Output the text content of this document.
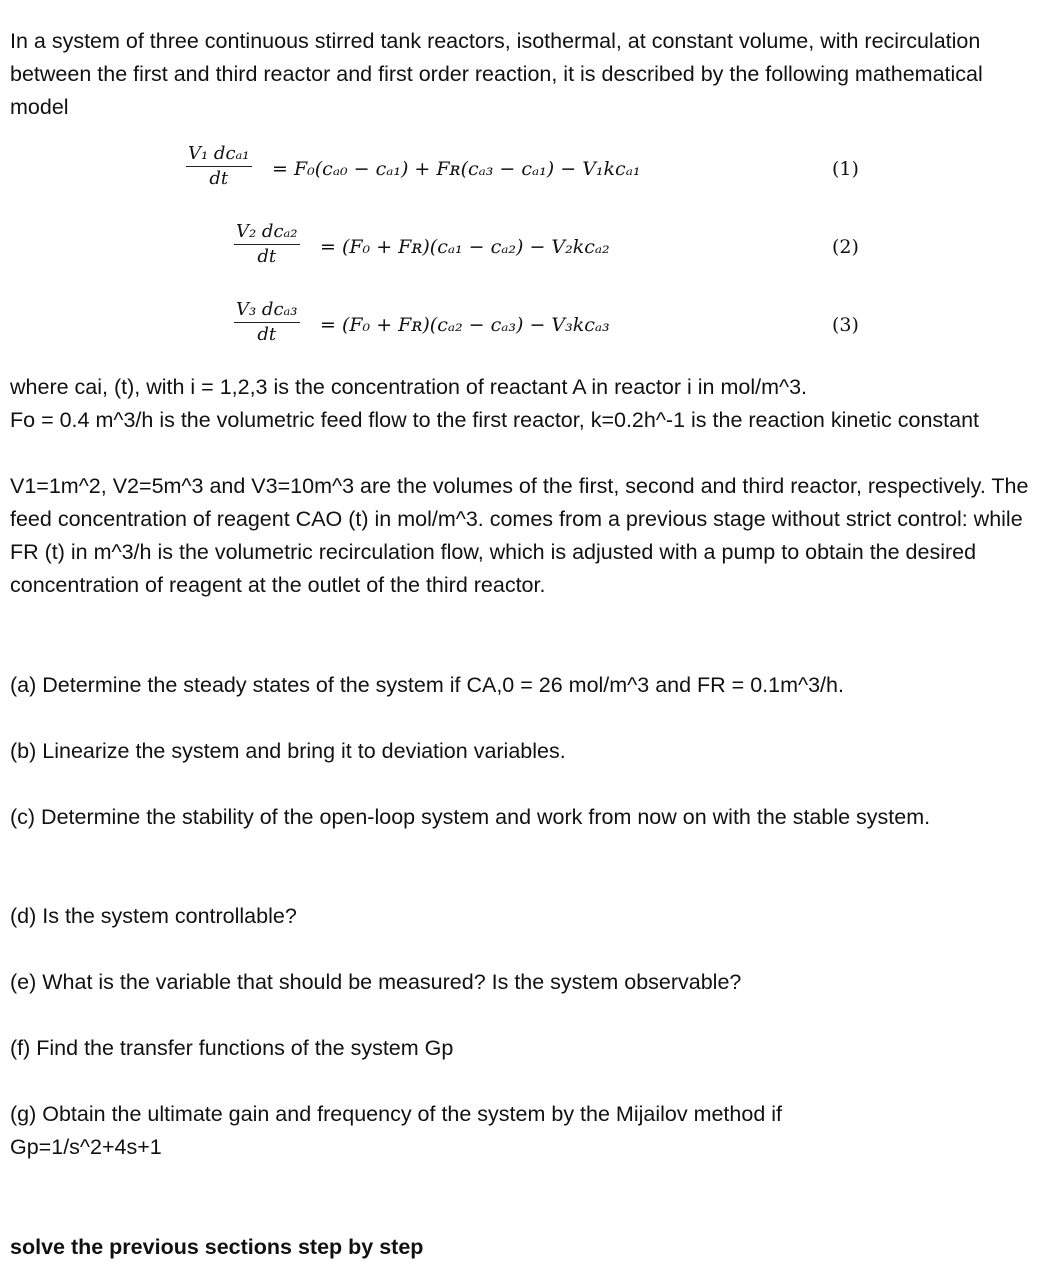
In a system of three continuous stirred tank reactors, isothermal, at constant volume, with recirculation between the first and third reactor and first order reaction, it is described by the following mathematical model

V₁ dcₐ₁
dt	= F₀(cₐ₀ − cₐ₁) + Fʀ(cₐ₃ − cₐ₁) − V₁kcₐ₁	(1)
V₂ dcₐ₂
dt	= (F₀ + Fʀ)(cₐ₁ − cₐ₂) − V₂kcₐ₂	(2)
V₃ dcₐ₃
dt	= (F₀ + Fʀ)(cₐ₂ − cₐ₃) − V₃kcₐ₃	(3)

where cai, (t), with i = 1,2,3 is the concentration of reactant A in reactor i in mol/m^3.

Fo = 0.4 m^3/h is the volumetric feed flow to the first reactor, k=0.2h^-1 is the reaction kinetic constant

V1=1m^2, V2=5m^3 and V3=10m^3 are the volumes of the first, second and third reactor, respectively. The feed concentration of reagent CAO (t) in mol/m^3. comes from a previous stage without strict control: while FR (t) in m^3/h is the volumetric recirculation flow, which is adjusted with a pump to obtain the desired concentration of reagent at the outlet of the third reactor.

(a) Determine the steady states of the system if CA,0 = 26 mol/m^3 and FR = 0.1m^3/h.

(b) Linearize the system and bring it to deviation variables.

(c) Determine the stability of the open-loop system and work from now on with the stable system.

(d) Is the system controllable?

(e) What is the variable that should be measured? Is the system observable?

(f) Find the transfer functions of the system Gp

(g) Obtain the ultimate gain and frequency of the system by the Mijailov method if Gp=1/s^2+4s+1

solve the previous sections step by step
